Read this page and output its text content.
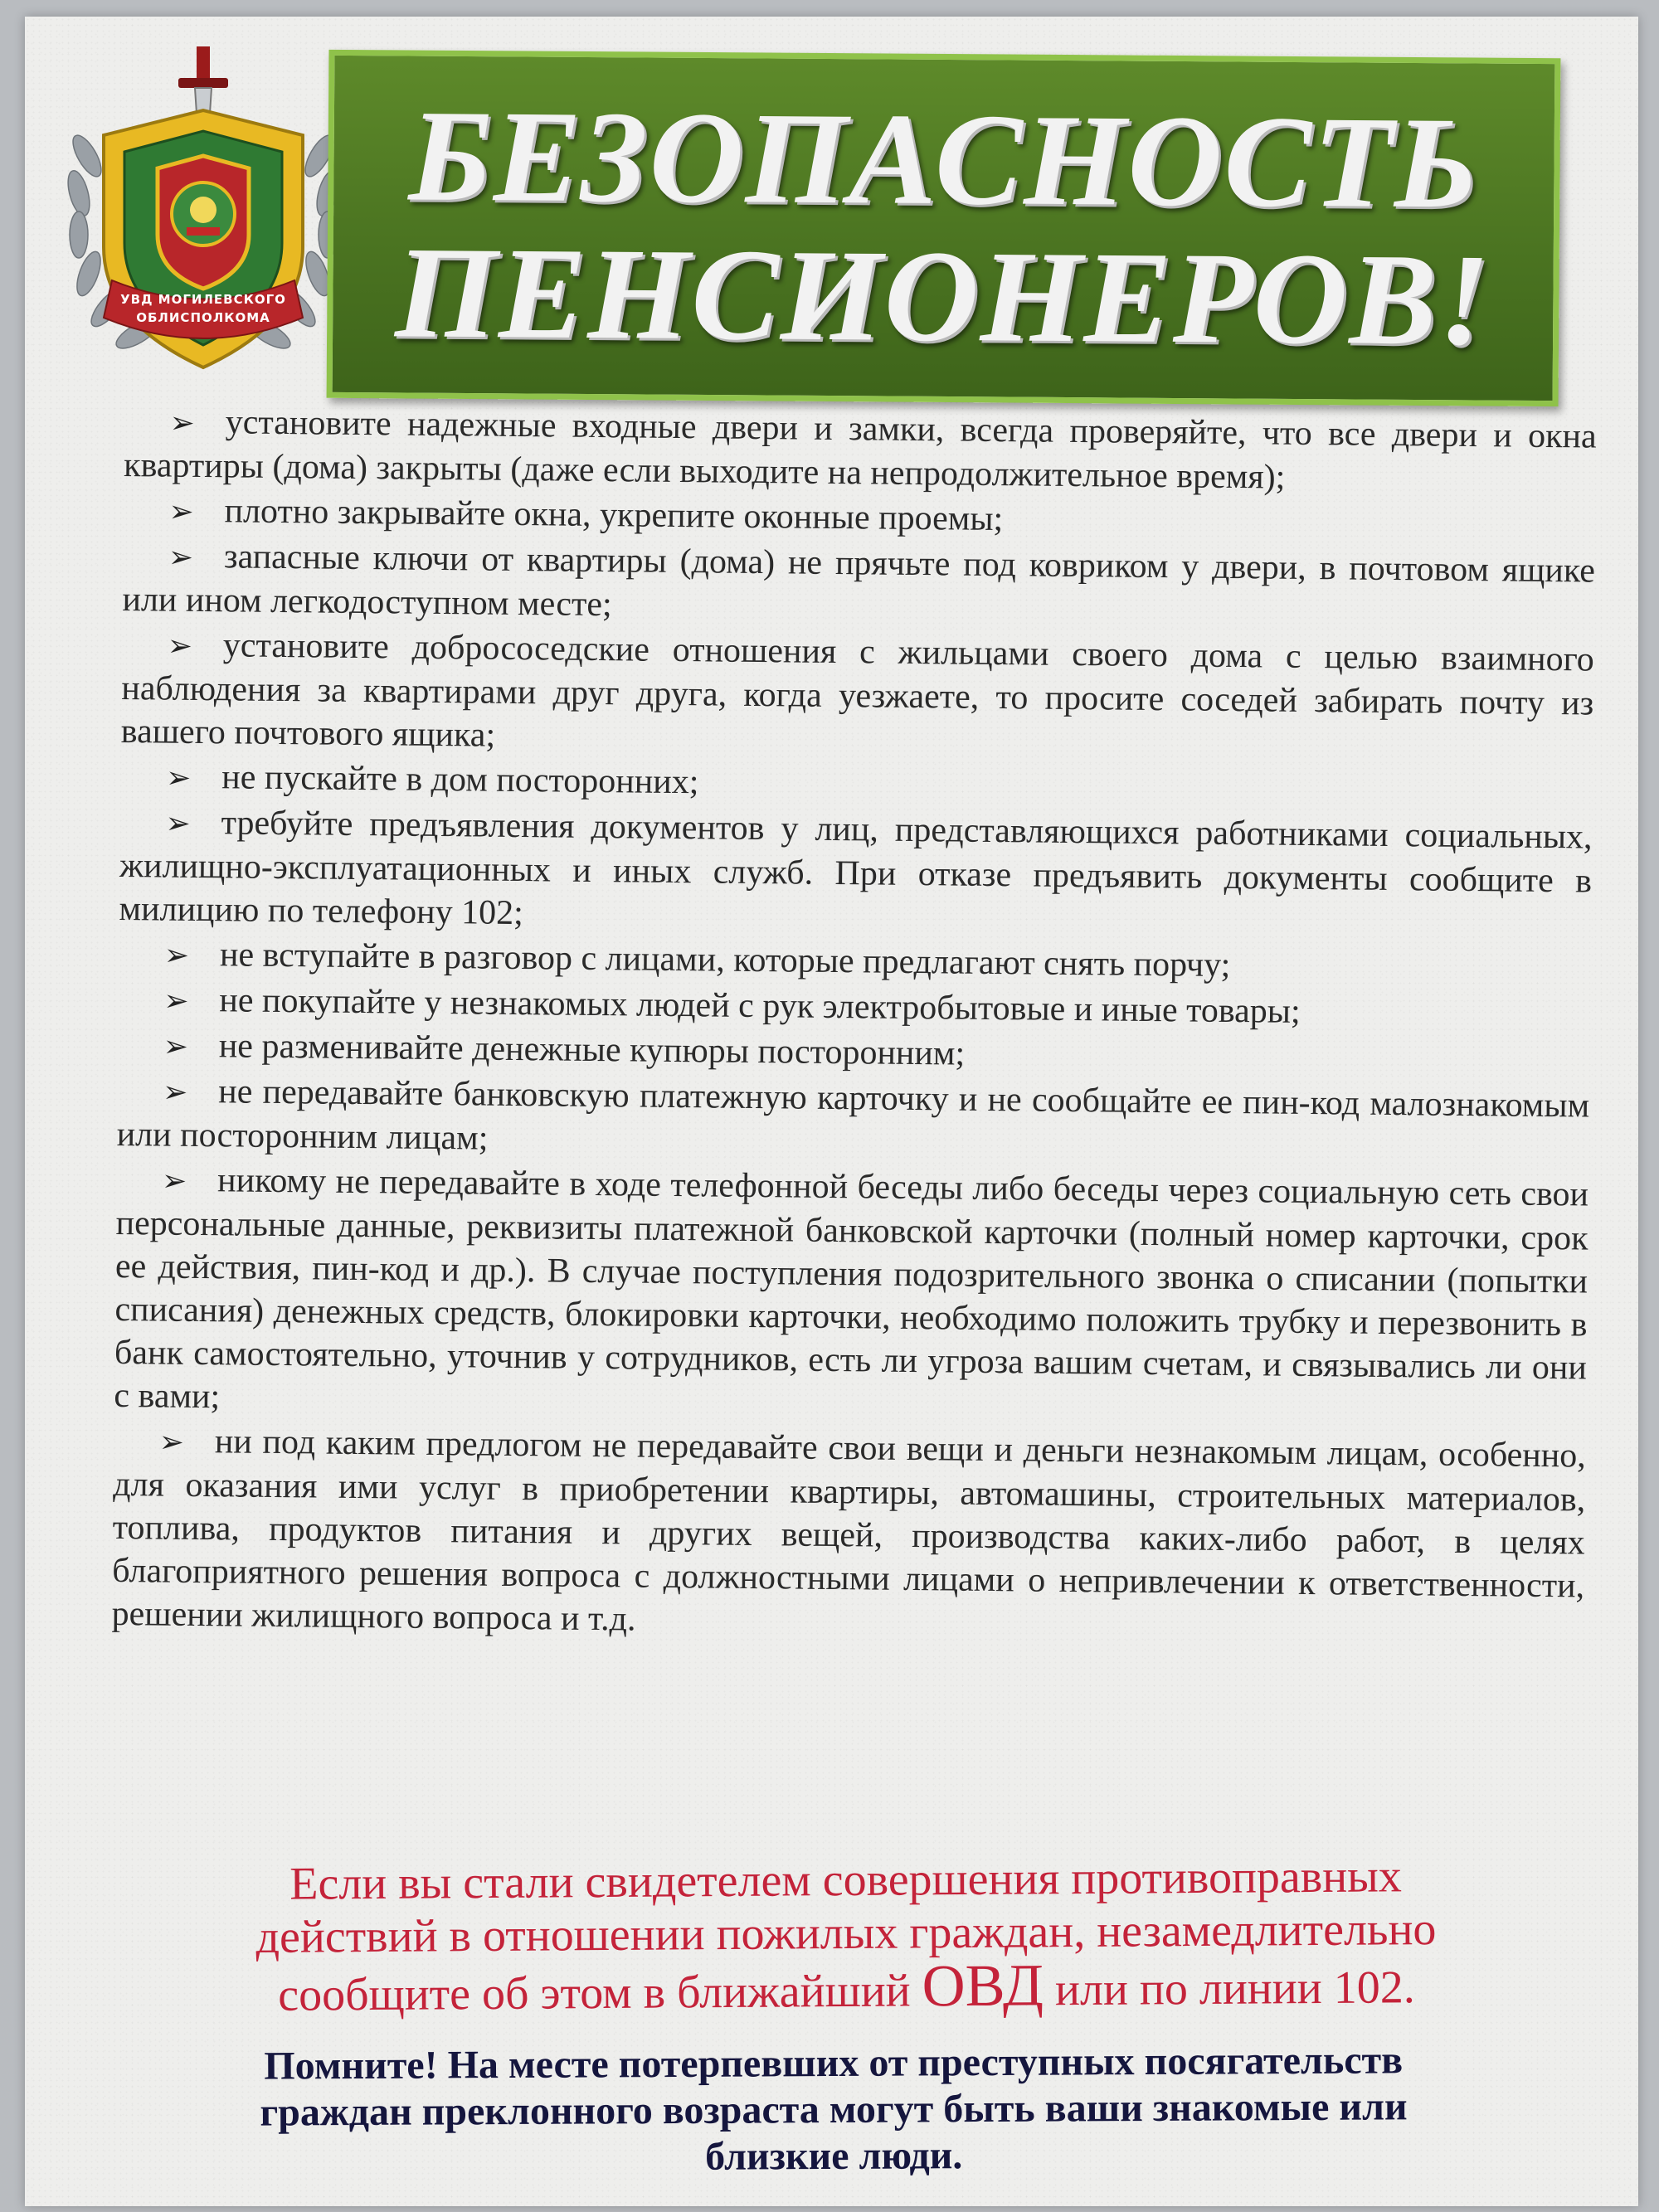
УВД МОГИЛЕВСКОГО
ОБЛИСПОЛКОМА
БЕЗОПАСНОСТЬ
ПЕНСИОНЕРОВ!

➢ установите надежные входные двери и замки, всегда проверяйте, что все двери и окна квартиры (дома) закрыты (даже если выходите на непродолжительное время);

➢ плотно закрывайте окна, укрепите оконные проемы;

➢ запасные ключи от квартиры (дома) не прячьте под ковриком у двери, в почтовом ящике или ином легкодоступном месте;

➢ установите добрососедские отношения с жильцами своего дома с целью взаимного наблюдения за квартирами друг друга, когда уезжаете, то просите соседей забирать почту из вашего почтового ящика;

➢ не пускайте в дом посторонних;

➢ требуйте предъявления документов у лиц, представляющихся работниками социальных, жилищно-эксплуатационных и иных служб. При отказе предъявить документы сообщите в милицию по телефону 102;

➢ не вступайте в разговор с лицами, которые предлагают снять порчу;

➢ не покупайте у незнакомых людей с рук электробытовые и иные товары;

➢ не разменивайте денежные купюры посторонним;

➢ не передавайте банковскую платежную карточку и не сообщайте ее пин-код малознакомым или посторонним лицам;

➢ никому не передавайте в ходе телефонной беседы либо беседы через социальную сеть свои персональные данные, реквизиты платежной банковской карточки (полный номер карточки, срок ее действия, пин-код и др.). В случае поступления подозрительного звонка о списании (попытки списания) денежных средств, блокировки карточки, необходимо положить трубку и перезвонить в банк самостоятельно, уточнив у сотрудников, есть ли угроза вашим счетам, и связывались ли они с вами;

➢ ни под каким предлогом не передавайте свои вещи и деньги незнакомым лицам, особенно, для оказания ими услуг в приобретении квартиры, автомашины, строительных материалов, топлива, продуктов питания и других вещей, производства каких-либо работ, в целях благоприятного решения вопроса с должностными лицами о непривлечении к ответственности, решении жилищного вопроса и т.д.

Если вы стали свидетелем совершения противоправных
действий в отношении пожилых граждан, незамедлительно
сообщите об этом в ближайший ОВД или по линии 102.
Помните! На месте потерпевших от преступных посягательств
граждан преклонного возраста могут быть ваши знакомые или
близкие люди.
